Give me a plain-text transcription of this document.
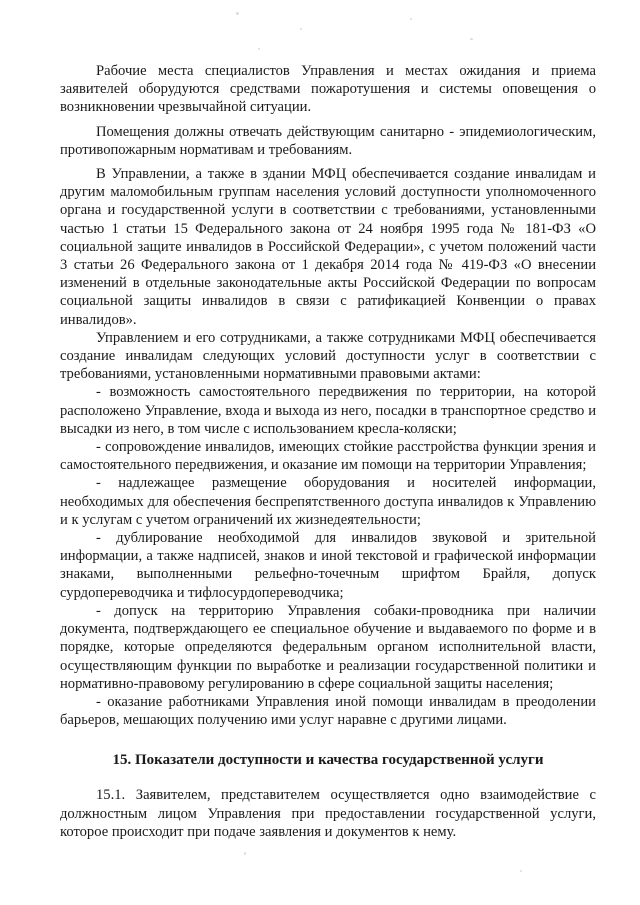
Рабочие места специалистов Управления и местах ожидания и приема заявителей оборудуются средствами пожаротушения и системы оповещения о возникновении чрезвычайной ситуации.

Помещения должны отвечать действующим санитарно - эпидемиологическим, противопожарным нормативам и требованиям.

В Управлении, а также в здании МФЦ обеспечивается создание инвалидам и другим маломобильным группам населения условий доступности уполномоченного органа и государственной услуги в соответствии с требованиями, установленными частью 1 статьи 15 Федерального закона от 24 ноября 1995 года № 181-ФЗ «О социальной защите инвалидов в Российской Федерации», с учетом положений части 3 статьи 26 Федерального закона от 1 декабря 2014 года № 419-ФЗ «О внесении изменений в отдельные законодательные акты Российской Федерации по вопросам социальной защиты инвалидов в связи с ратификацией Конвенции о правах инвалидов».

Управлением и его сотрудниками, а также сотрудниками МФЦ обеспечивается создание инвалидам следующих условий доступности услуг в соответствии с требованиями, установленными нормативными правовыми актами:

- возможность самостоятельного передвижения по территории, на которой расположено Управление, входа и выхода из него, посадки в транспортное средство и высадки из него, в том числе с использованием кресла-коляски;

- сопровождение инвалидов, имеющих стойкие расстройства функции зрения и самостоятельного передвижения, и оказание им помощи на территории Управления;

- надлежащее размещение оборудования и носителей информации, необходимых для обеспечения беспрепятственного доступа инвалидов к Управлению и к услугам с учетом ограничений их жизнедеятельности;

- дублирование необходимой для инвалидов звуковой и зрительной информации, а также надписей, знаков и иной текстовой и графической информации знаками, выполненными рельефно-точечным шрифтом Брайля, допуск сурдопереводчика и тифлосурдопереводчика;

- допуск на территорию Управления собаки-проводника при наличии документа, подтверждающего ее специальное обучение и выдаваемого по форме и в порядке, которые определяются федеральным органом исполнительной власти, осуществляющим функции по выработке и реализации государственной политики и нормативно-правовому регулированию в сфере социальной защиты населения;

- оказание работниками Управления иной помощи инвалидам в преодолении барьеров, мешающих получению ими услуг наравне с другими лицами.

15. Показатели доступности и качества государственной услуги

15.1. Заявителем, представителем осуществляется одно взаимодействие с должностным лицом Управления при предоставлении государственной услуги, которое происходит при подаче заявления и документов к нему.
